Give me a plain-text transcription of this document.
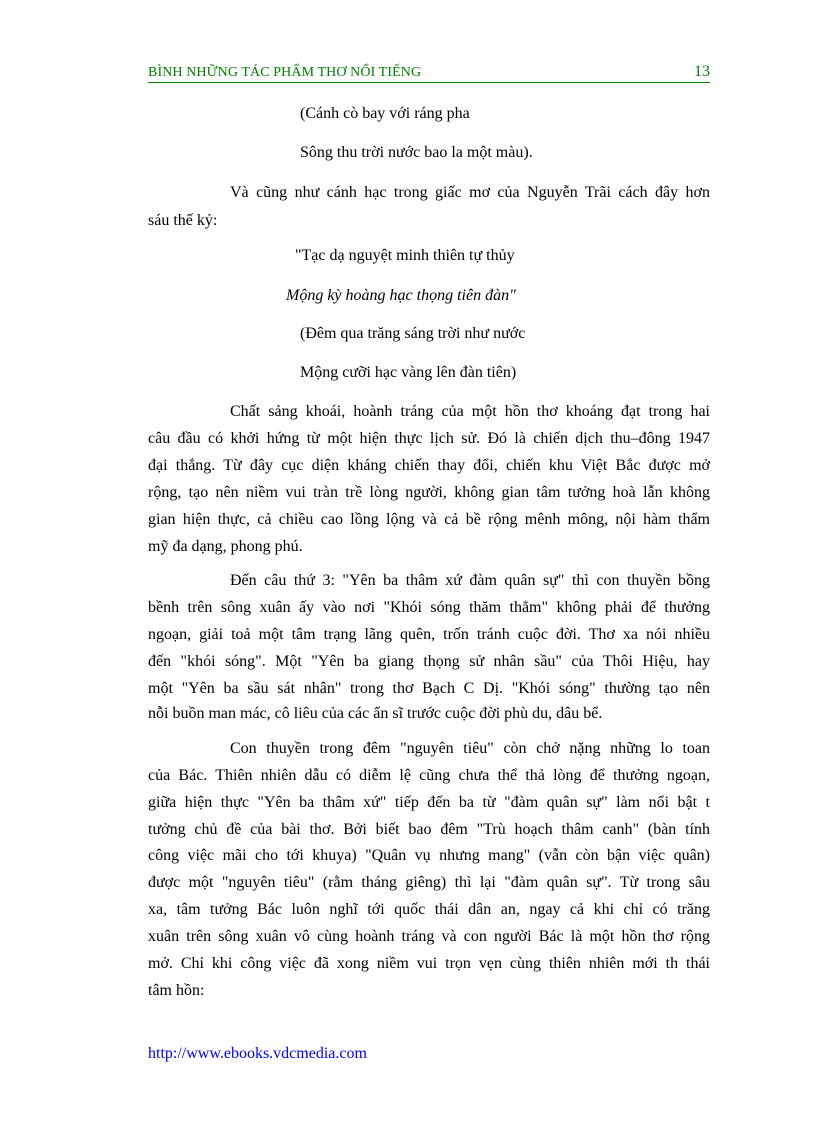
BÌNH NHỮNG TÁC PHẨM THƠ NỔI TIẾNG	13
(Cánh cò bay với ráng pha
Sông thu trời nước bao la một màu).
Và cũng như cánh hạc trong giấc mơ của Nguyễn Trãi cách đây hơn
sáu thế kỷ:
"Tạc dạ nguyệt minh thiên tự thủy
Mộng kỳ hoàng hạc thọng tiên đàn"
(Đêm qua trăng sáng trời như nước
Mộng cưỡi hạc vàng lên đàn tiên)
Chất sảng khoái, hoành tráng của một hồn thơ khoáng đạt trong hai
câu đầu có khởi hứng từ một hiện thực lịch sử. Đó là chiến dịch thu–đông 1947
đại thắng. Từ đây cục diện kháng chiến thay đổi, chiến khu Việt Bắc được mở
rộng, tạo nên niềm vui tràn trề lòng người, không gian tâm tưởng hoà lẫn không
gian hiện thực, cả chiều cao lồng lộng và cả bề rộng mênh mông, nội hàm thẩm
mỹ đa dạng, phong phú.
Đến câu thứ 3: "Yên ba thâm xứ đàm quân sự" thì con thuyền bồng
bềnh trên sông xuân ấy vào nơi "Khói sóng thăm thẳm" không phải để thưởng
ngoạn, giải toả một tâm trạng lãng quên, trốn tránh cuộc đời. Thơ xa nói nhiều
đến "khói sóng". Một "Yên ba giang thọng sử nhân sầu" của Thôi Hiệu, hay
một "Yên ba sầu sát nhân" trong thơ Bạch C Dị. "Khói sóng" thường tạo nên
nỗi buồn man mác, cô liêu của các ẩn sĩ trước cuộc đời phù du, dâu bể.
Con thuyền trong đêm "nguyên tiêu" còn chở nặng những lo toan
của Bác. Thiên nhiên dẫu có diễm lệ cũng chưa thể thả lòng để thưởng ngoạn,
giữa hiện thực "Yên ba thâm xứ" tiếp đến ba từ "đàm quân sự" làm nổi bật t
tưởng chủ đề của bài thơ. Bởi biết bao đêm "Trù hoạch thâm canh" (bàn tính
công việc mãi cho tới khuya) "Quân vụ nhưng mang" (vẫn còn bận việc quân)
được một "nguyên tiêu" (rằm tháng giêng) thì lại "đàm quân sự". Từ trong sâu
xa, tâm tưởng Bác luôn nghĩ tới quốc thái dân an, ngay cả khi chỉ có trăng
xuân trên sông xuân vô cùng hoành tráng và con người Bác là một hồn thơ rộng
mở. Chỉ khi công việc đã xong niềm vui trọn vẹn cùng thiên nhiên mới th thái
tâm hồn:
http://www.ebooks.vdcmedia.com
